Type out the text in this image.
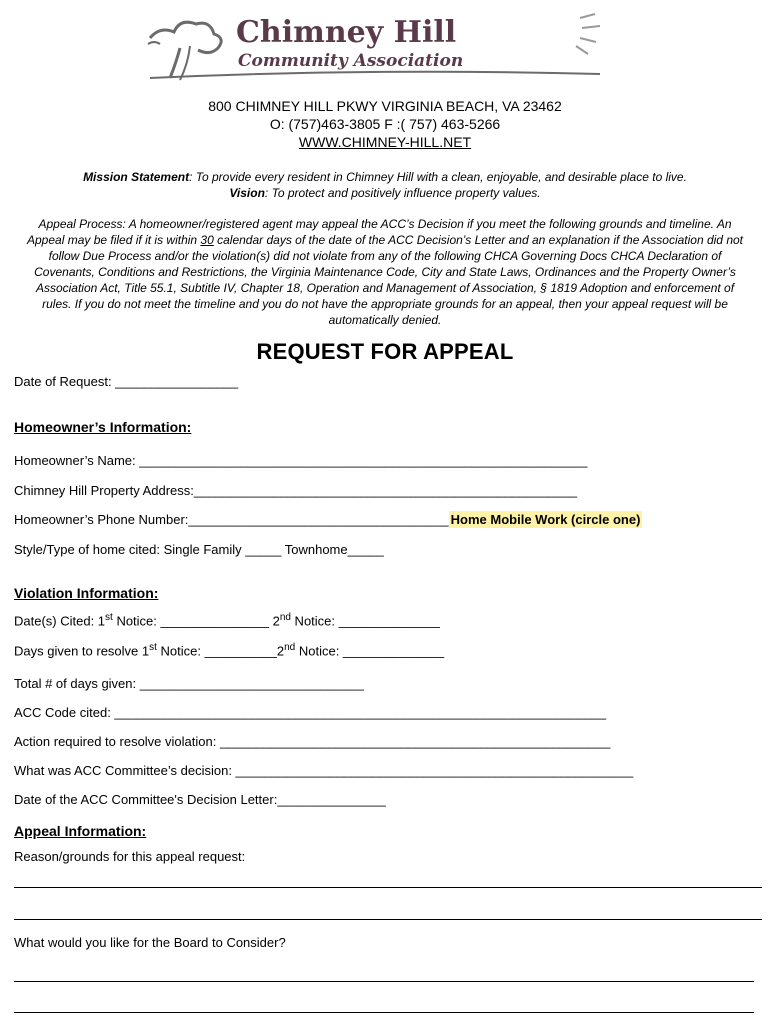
Chimney Hill
Community Association
800 CHIMNEY HILL PKWY VIRGINIA BEACH, VA 23462
O: (757)463-3805 F :( 757) 463-5266
WWW.CHIMNEY-HILL.NET
Mission Statement: To provide every resident in Chimney Hill with a clean, enjoyable, and desirable place to live.
Vision: To protect and positively influence property values.
Appeal Process: A homeowner/registered agent may appeal the ACC’s Decision if you meet the following grounds and timeline. An Appeal may be filed if it is within 30 calendar days of the date of the ACC Decision’s Letter and an explanation if the Association did not follow Due Process and/or the violation(s) did not violate from any of the following CHCA Governing Docs CHCA Declaration of Covenants, Conditions and Restrictions, the Virginia Maintenance Code, City and State Laws, Ordinances and the Property Owner’s Association Act, Title 55.1, Subtitle IV, Chapter 18, Operation and Management of Association, § 1819 Adoption and enforcement of rules. If you do not meet the timeline and you do not have the appropriate grounds for an appeal, then your appeal request will be automatically denied.
REQUEST FOR APPEAL
Date of Request: _________________
Homeowner’s Information:
Homeowner’s Name: ______________________________________________________________
Chimney Hill Property Address:_____________________________________________________
Homeowner’s Phone Number:____________________________________ Home Mobile Work (circle one)
Style/Type of home cited: Single Family _____ Townhome_____
Violation Information:
Date(s) Cited: 1st Notice: _______________ 2nd Notice: ______________
Days given to resolve 1st Notice: __________2nd Notice: ______________
Total # of days given: _______________________________
ACC Code cited: ____________________________________________________________________
Action required to resolve violation: ______________________________________________________
What was ACC Committee’s decision: _______________________________________________________
Date of the ACC Committee's Decision Letter:_______________
Appeal Information:
Reason/grounds for this appeal request:
What would you like for the Board to Consider?
